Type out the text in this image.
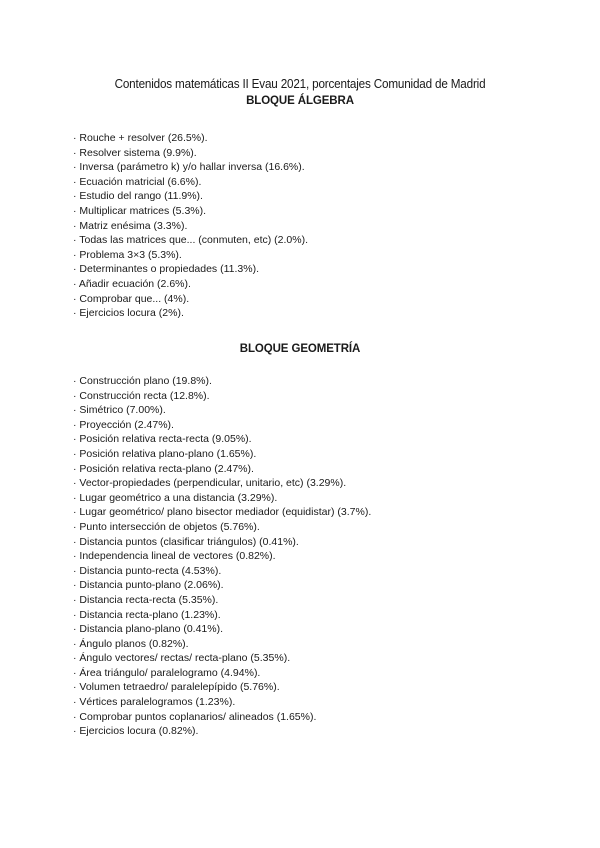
Contenidos matemáticas II Evau 2021, porcentajes Comunidad de Madrid
BLOQUE ÁLGEBRA
· Rouche + resolver (26.5%).
· Resolver sistema (9.9%).
· Inversa (parámetro k) y/o hallar inversa (16.6%).
· Ecuación matricial (6.6%).
· Estudio del rango (11.9%).
· Multiplicar matrices (5.3%).
· Matriz enésima (3.3%).
· Todas las matrices que... (conmuten, etc) (2.0%).
· Problema 3×3 (5.3%).
· Determinantes o propiedades (11.3%).
· Añadir ecuación (2.6%).
· Comprobar que... (4%).
· Ejercicios locura (2%).
BLOQUE GEOMETRÍA
· Construcción plano (19.8%).
· Construcción recta (12.8%).
· Simétrico (7.00%).
· Proyección (2.47%).
· Posición relativa recta-recta (9.05%).
· Posición relativa plano-plano (1.65%).
· Posición relativa recta-plano (2.47%).
· Vector-propiedades (perpendicular, unitario, etc) (3.29%).
· Lugar geométrico a una distancia (3.29%).
· Lugar geométrico/ plano bisector mediador (equidistar) (3.7%).
· Punto intersección de objetos (5.76%).
· Distancia puntos (clasificar triángulos) (0.41%).
· Independencia lineal de vectores (0.82%).
· Distancia punto-recta (4.53%).
· Distancia punto-plano (2.06%).
· Distancia recta-recta (5.35%).
· Distancia recta-plano (1.23%).
· Distancia plano-plano (0.41%).
· Ángulo planos (0.82%).
· Ángulo vectores/ rectas/ recta-plano (5.35%).
· Área triángulo/ paralelogramo (4.94%).
· Volumen tetraedro/ paralelepípido (5.76%).
· Vértices paralelogramos (1.23%).
· Comprobar puntos coplanarios/ alineados (1.65%).
· Ejercicios locura (0.82%).
